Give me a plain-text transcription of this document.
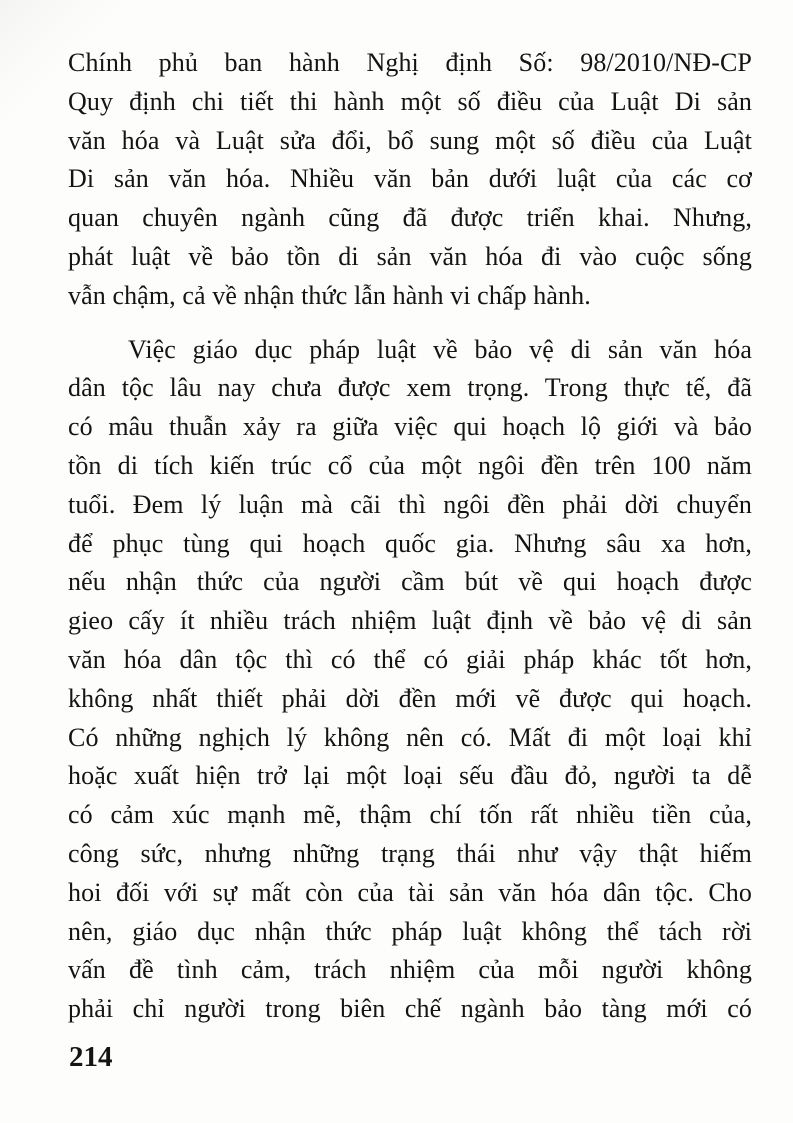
Chính phủ ban hành Nghị định Số: 98/2010/NĐ-CP
Quy định chi tiết thi hành một số điều của Luật Di sản
văn hóa và Luật sửa đổi, bổ sung một số điều của Luật
Di sản văn hóa. Nhiều văn bản dưới luật của các cơ
quan chuyên ngành cũng đã được triển khai. Nhưng,
phát luật về bảo tồn di sản văn hóa đi vào cuộc sống
vẫn chậm, cả về nhận thức lẫn hành vi chấp hành.
Việc giáo dục pháp luật về bảo vệ di sản văn hóa
dân tộc lâu nay chưa được xem trọng. Trong thực tế, đã
có mâu thuẫn xảy ra giữa việc qui hoạch lộ giới và bảo
tồn di tích kiến trúc cổ của một ngôi đền trên 100 năm
tuổi. Đem lý luận mà cãi thì ngôi đền phải dời chuyển
để phục tùng qui hoạch quốc gia. Nhưng sâu xa hơn,
nếu nhận thức của người cầm bút về qui hoạch được
gieo cấy ít nhiều trách nhiệm luật định về bảo vệ di sản
văn hóa dân tộc thì có thể có giải pháp khác tốt hơn,
không nhất thiết phải dời đền mới vẽ được qui hoạch.
Có những nghịch lý không nên có. Mất đi một loại khỉ
hoặc xuất hiện trở lại một loại sếu đầu đỏ, người ta dễ
có cảm xúc mạnh mẽ, thậm chí tốn rất nhiều tiền của,
công sức, nhưng những trạng thái như vậy thật hiếm
hoi đối với sự mất còn của tài sản văn hóa dân tộc. Cho
nên, giáo dục nhận thức pháp luật không thể tách rời
vấn đề tình cảm, trách nhiệm của mỗi người không
phải chỉ người trong biên chế ngành bảo tàng mới có
214
